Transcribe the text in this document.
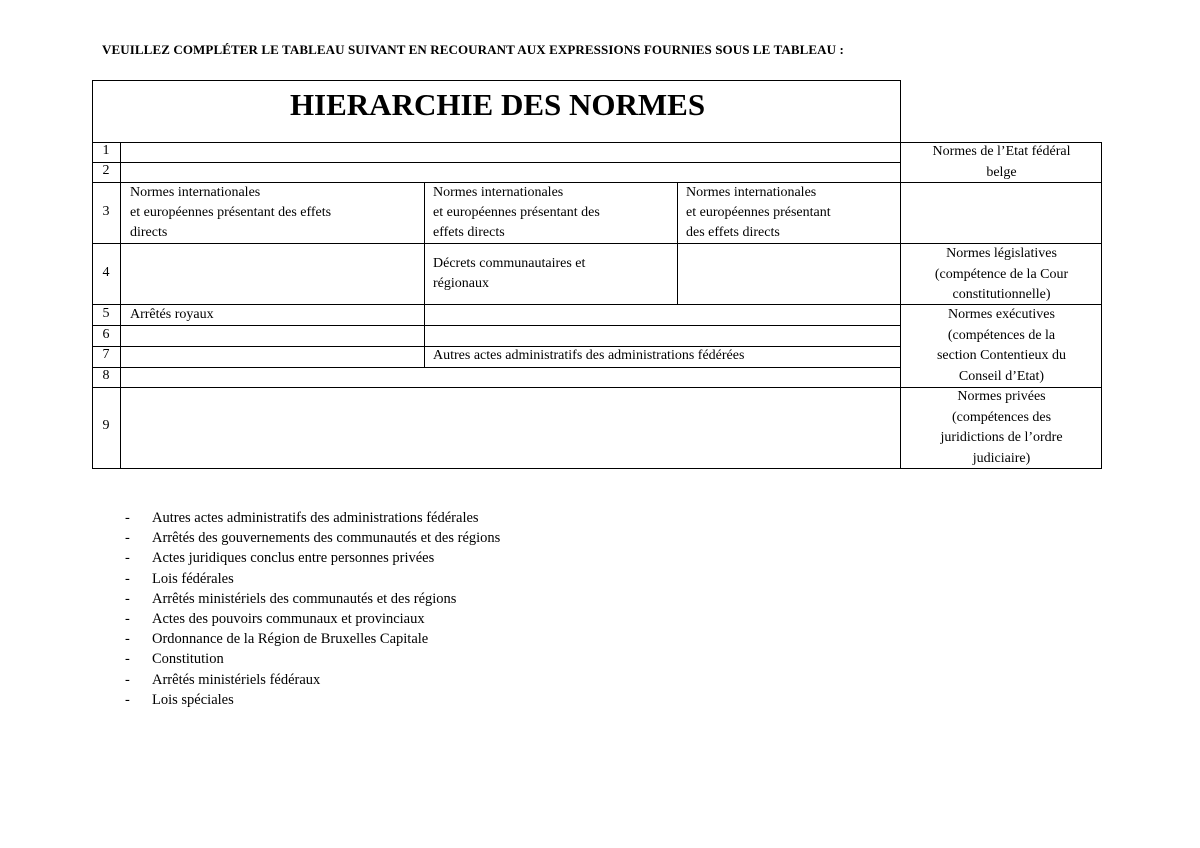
VEUILLEZ COMPLÉTER LE TABLEAU SUIVANT EN RECOURANT AUX EXPRESSIONS FOURNIES SOUS LE TABLEAU :
HIERARCHIE DES NORMES
1
2
3
4
5
6
7
8
9
Normes internationales
et européennes présentant des effets
directs
Normes internationales
et européennes présentant des
effets directs
Normes internationales
et européennes présentant
des effets directs
Décrets communautaires et
régionaux
Arrêtés royaux
Autres actes administratifs des administrations fédérées
Normes de l’Etat fédéral
belge
Normes législatives
(compétence de la Cour
constitutionnelle)
Normes exécutives
(compétences de la
section Contentieux du
Conseil d’Etat)
Normes privées
(compétences des
juridictions de l’ordre
judiciaire)
- Autres actes administratifs des administrations fédérales
- Arrêtés des gouvernements des communautés et des régions
- Actes juridiques conclus entre personnes privées
- Lois fédérales
- Arrêtés ministériels des communautés et des régions
- Actes des pouvoirs communaux et provinciaux
- Ordonnance de la Région de Bruxelles Capitale
- Constitution
- Arrêtés ministériels fédéraux
- Lois spéciales
